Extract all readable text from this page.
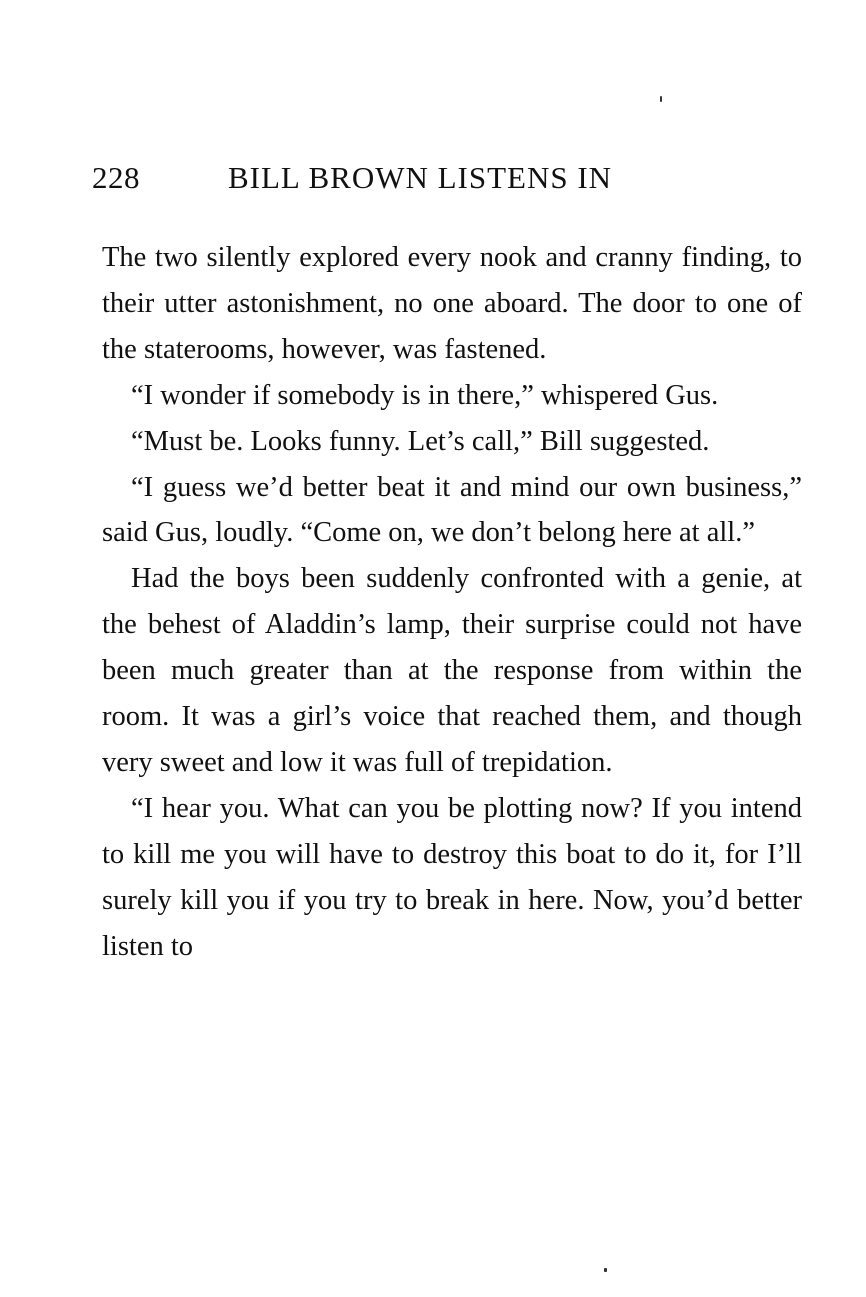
228	BILL BROWN LISTENS IN

The two silently explored every nook and cranny finding, to their utter astonishment, no one aboard. The door to one of the staterooms, however, was fastened.

“I wonder if somebody is in there,” whispered Gus.

“Must be. Looks funny. Let’s call,” Bill suggested.

“I guess we’d better beat it and mind our own business,” said Gus, loudly. “Come on, we don’t belong here at all.”

Had the boys been suddenly confronted with a genie, at the behest of Aladdin’s lamp, their surprise could not have been much greater than at the response from within the room. It was a girl’s voice that reached them, and though very sweet and low it was full of trepidation.

“I hear you. What can you be plotting now? If you intend to kill me you will have to destroy this boat to do it, for I’ll surely kill you if you try to break in here. Now, you’d better listen to
